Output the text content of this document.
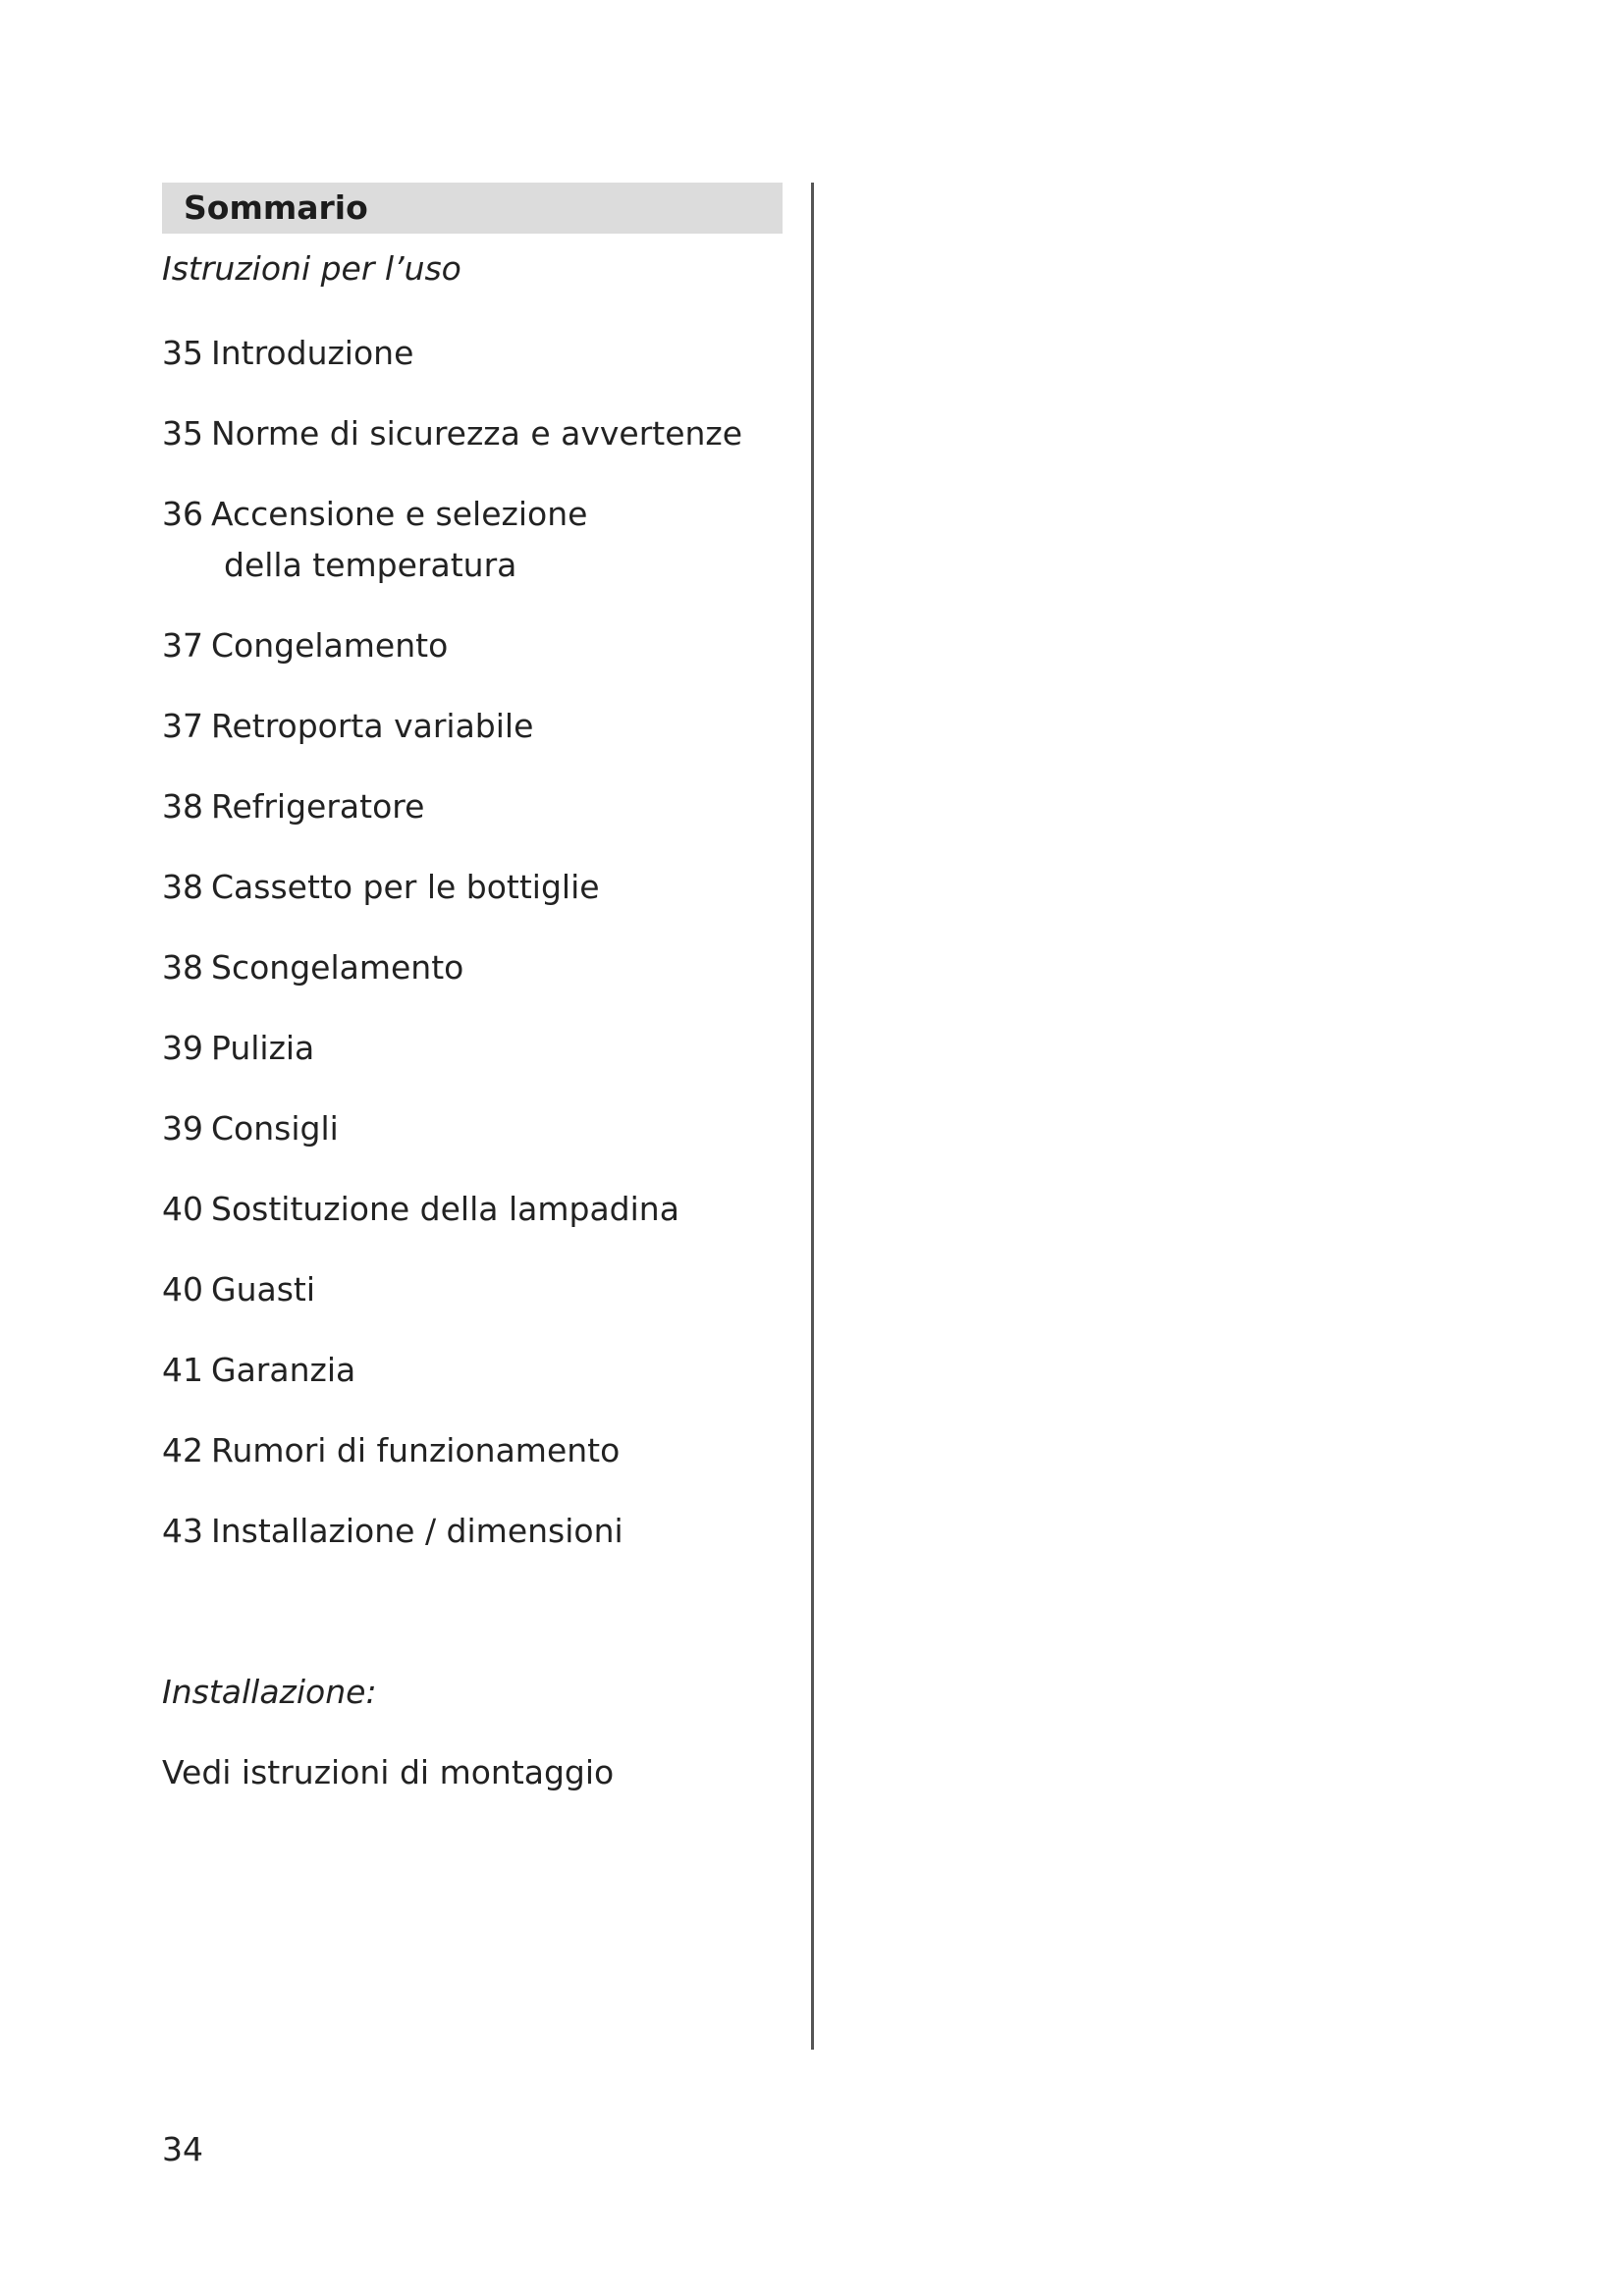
Sommario
Istruzioni per l’uso
35 Introduzione
35 Norme di sicurezza e avvertenze
36 Accensione e selezione
della temperatura
37 Congelamento
37 Retroporta variabile
38 Refrigeratore
38 Cassetto per le bottiglie
38 Scongelamento
39 Pulizia
39 Consigli
40 Sostituzione della lampadina
40 Guasti
41 Garanzia
42 Rumori di funzionamento
43 Installazione / dimensioni
Installazione:
Vedi istruzioni di montaggio
34
